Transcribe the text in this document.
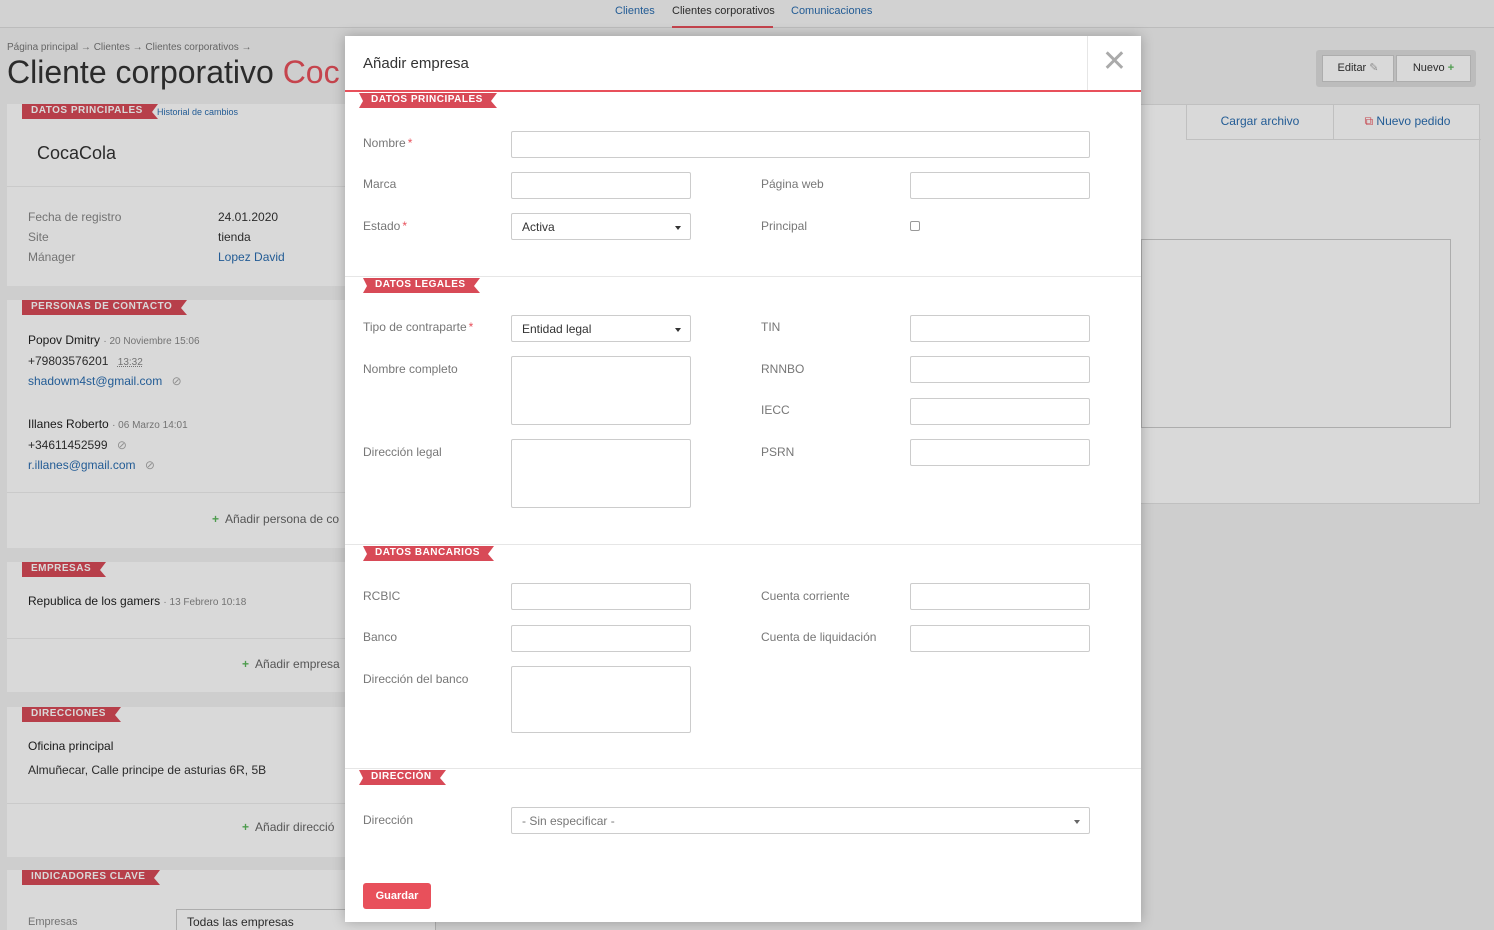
Clientes Clientes corporativos Comunicaciones
Página principal → Clientes → Clientes corporativos →
Cliente corporativo Coc	Editar ✎	Nuevo +
Cargar archivo	⧉ Nuevo pedido
DATOS PRINCIPALES	Historial de cambios
CocaCola
Fecha de registro	24.01.2020
Site	tienda
Mánager	Lopez David
PERSONAS DE CONTACTO
Popov Dmitry · 20 Noviembre 15:06
+79803576201 13:32
shadowm4st@gmail.com ⊘
Illanes Roberto · 06 Marzo 14:01
+34611452599 ⊘
r.illanes@gmail.com ⊘
+ Añadir persona de co
EMPRESAS
Republica de los gamers · 13 Febrero 10:18
+ Añadir empresa
DIRECCIONES
Oficina principal
Almuñecar, Calle principe de asturias 6R, 5B
+ Añadir direcció
INDICADORES CLAVE
Empresas	Todas las empresas
Añadir empresa	✕
DATOS PRINCIPALES
Nombre *
Marca	Página web
Estado *	Activa	Principal
DATOS LEGALES
Tipo de contraparte *	Entidad legal	TIN
Nombre completo	RNNBO
IECC
Dirección legal	PSRN
DATOS BANCARIOS
RCBIC	Cuenta corriente
Banco	Cuenta de liquidación
Dirección del banco
DIRECCIÓN
Dirección	- Sin especificar -
Guardar
